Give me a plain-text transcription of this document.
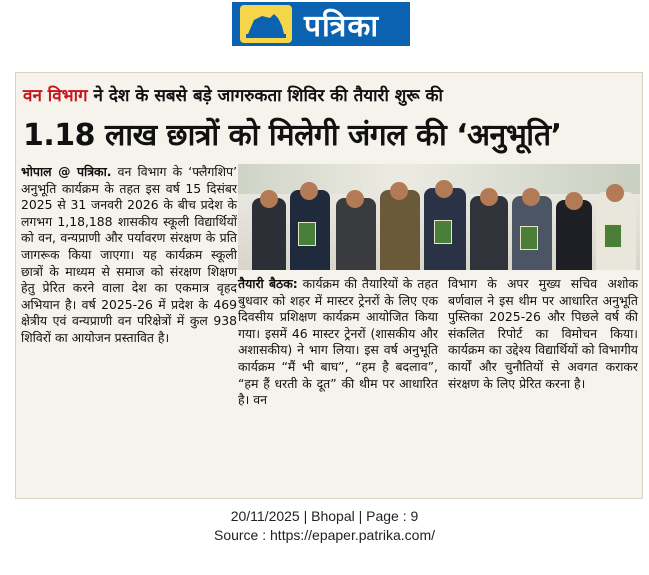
पत्रिका
वन विभाग ने देश के सबसे बड़े जागरुकता शिविर की तैयारी शुरू की
1.18 लाख छात्रों को मिलेगी जंगल की ‘अनुभूति’
भोपाल @ पत्रिका. वन विभाग के ‘फ्लैगशिप’ अनुभूति कार्यक्रम के तहत इस वर्ष 15 दिसंबर 2025 से 31 जनवरी 2026 के बीच प्रदेश के लगभग 1,18,188 शासकीय स्कूली विद्यार्थियों को वन, वन्यप्राणी और पर्यावरण संरक्षण के प्रति जागरूक किया जाएगा। यह कार्यक्रम स्कूली छात्रों के माध्यम से समाज को संरक्षण शिक्षण हेतु प्रेरित करने वाला देश का एकमात्र वृहद अभियान है। वर्ष 2025-26 में प्रदेश के 469 क्षेत्रीय एवं वन्यप्राणी वन परिक्षेत्रों में कुल 938 शिविरों का आयोजन प्रस्तावित है।
तैयारी बैठक: कार्यक्रम की तैयारियों के तहत बुधवार को शहर में मास्टर ट्रेनरों के लिए एक दिवसीय प्रशिक्षण कार्यक्रम आयोजित किया गया। इसमें 46 मास्टर ट्रेनरों (शासकीय और अशासकीय) ने भाग लिया। इस वर्ष अनुभूति कार्यक्रम “मैं भी बाघ”, “हम है बदलाव”, “हम हैं धरती के दूत” की थीम पर आधारित है। वन
विभाग के अपर मुख्य सचिव अशोक बर्णवाल ने इस थीम पर आधारित अनुभूति पुस्तिका 2025-26 और पिछले वर्ष की संकलित रिपोर्ट का विमोचन किया। कार्यक्रम का उद्देश्य विद्यार्थियों को विभागीय कार्यों और चुनौतियों से अवगत कराकर संरक्षण के लिए प्रेरित करना है।
20/11/2025 | Bhopal | Page : 9
Source : https://epaper.patrika.com/
